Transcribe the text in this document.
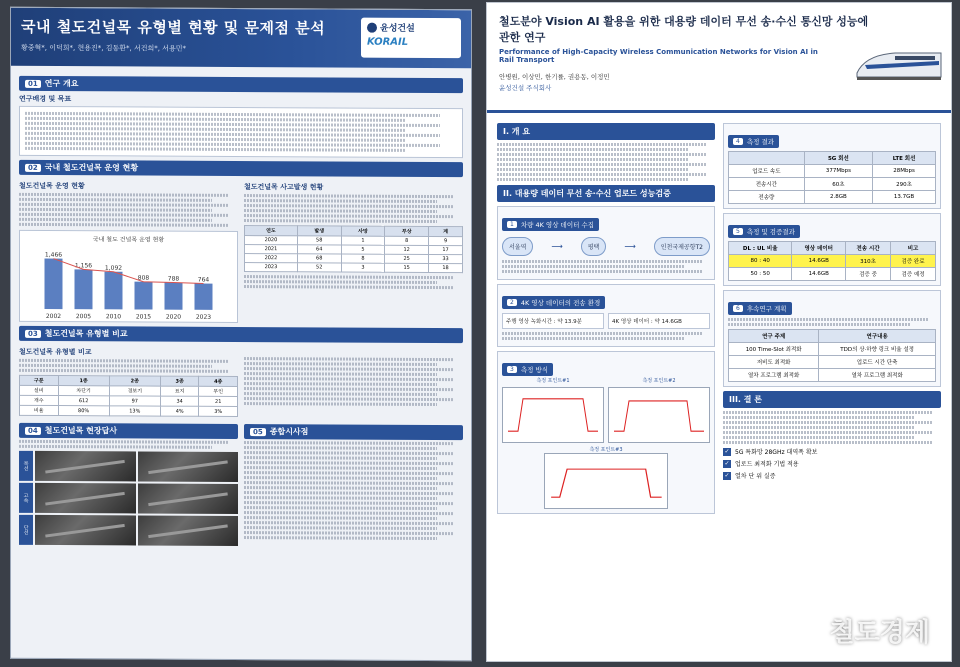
국내 철도건널목 유형별 현황 및 문제점 분석
황중혁*, 이덕희*, 현용진*, 김동환*, 서건희*, 서용민*
윤성건설
KORAIL
01 연구 개요
연구배경 및 목표
02 국내 철도건널목 운영 현황
철도건널목 운영 현황
국내 철도 건널목 운영 현황
1,466
2002
1,156
2005
1,092
2010
808
2015
788
2020
764
2023
철도건널목 사고발생 현황
연도	발생	사망	부상	계
2020	58	1	8	9
2021	64	5	12	17
2022	68	8	25	33
2023	52	3	15	18
03 철도건널목 유형별 비교
철도건널목 유형별 비교
구분	1종	2종	3종	4종
설비	차단기	경보기	표지	무인
개수	612	97	34	21
비율	80%	13%	4%	3%
04 철도건널목 현장답사
복선
고속
단선
05 종합시사점
철도분야 Vision AI 활용을 위한 대용량 데이터 무선 송·수신 통신망 성능에 관한 연구
Performance of High-Capacity Wireless Communication Networks for Vision AI in Rail Transport
안병원, 이상민, 한기률, 권용동, 이정민
윤성건설 주식회사
I. 개 요
II. 대용량 데이터 무선 송·수신 업로드 성능검증
1	차량 4K 영상 데이터 수집
서울역	⟶	평택	⟶	인천국제공항T2
2	4K 영상 데이터의 전송 환경
주행 영상 녹화시간 : 약 13.9분	4K 영상 데이터 : 약 14.6GB
3	측정 방식
측정 포인트#1	측정 포인트#2
측정 포인트#3
4	측정 결과
	5G 회선	LTE 회선
업로드 속도	377Mbps	28Mbps
전송시간	60초	290초
전송량	2.8GB	13.7GB
5	측정 및 검증결과
DL : UL 비율	영상 데이터	전송 시간	비고
80 : 40	14.6GB	310초	검증 완료
50 : 50	14.6GB	검증 중	검증 예정
6	후속연구 계획
연구 주제	연구내용
100 Time-Slot 최적화	TDD의 상·하향 링크 비율 설정
저비도 최적화	업로드 시간 단축
열차 프로그램 최적화	열차 프로그램 최적화
III. 결 론
✓ 5G 특화망 28GHz 대역폭 확보
✓ 업로드 최적화 기법 적용
✓ 열차 단 위 실증
철도경제
Rail Economy News
